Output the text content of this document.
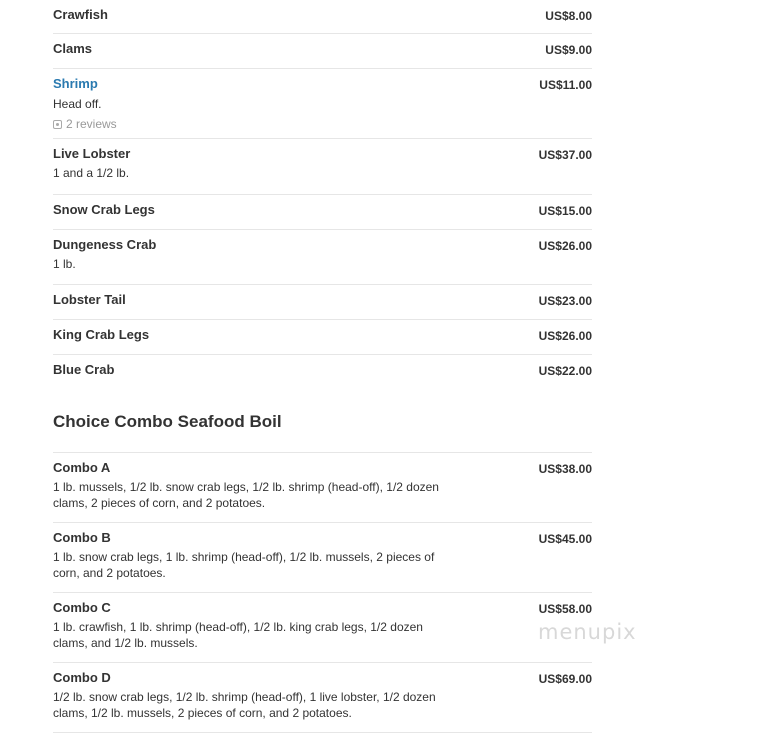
Crawfish	US$8.00
Clams	US$9.00
Shrimp	US$11.00
Head off.
2 reviews
Live Lobster	US$37.00
1 and a 1/2 lb.
Snow Crab Legs	US$15.00
Dungeness Crab	US$26.00
1 lb.
Lobster Tail	US$23.00
King Crab Legs	US$26.00
Blue Crab	US$22.00
Choice Combo Seafood Boil
Combo A	US$38.00
1 lb. mussels, 1/2 lb. snow crab legs, 1/2 lb. shrimp (head-off), 1/2 dozen clams, 2 pieces of corn, and 2 potatoes.
Combo B	US$45.00
1 lb. snow crab legs, 1 lb. shrimp (head-off), 1/2 lb. mussels, 2 pieces of corn, and 2 potatoes.
Combo C	US$58.00
1 lb. crawfish, 1 lb. shrimp (head-off), 1/2 lb. king crab legs, 1/2 dozen clams, and 1/2 lb. mussels.
Combo D	US$69.00
1/2 lb. snow crab legs, 1/2 lb. shrimp (head-off), 1 live lobster, 1/2 dozen clams, 1/2 lb. mussels, 2 pieces of corn, and 2 potatoes.
menupix
